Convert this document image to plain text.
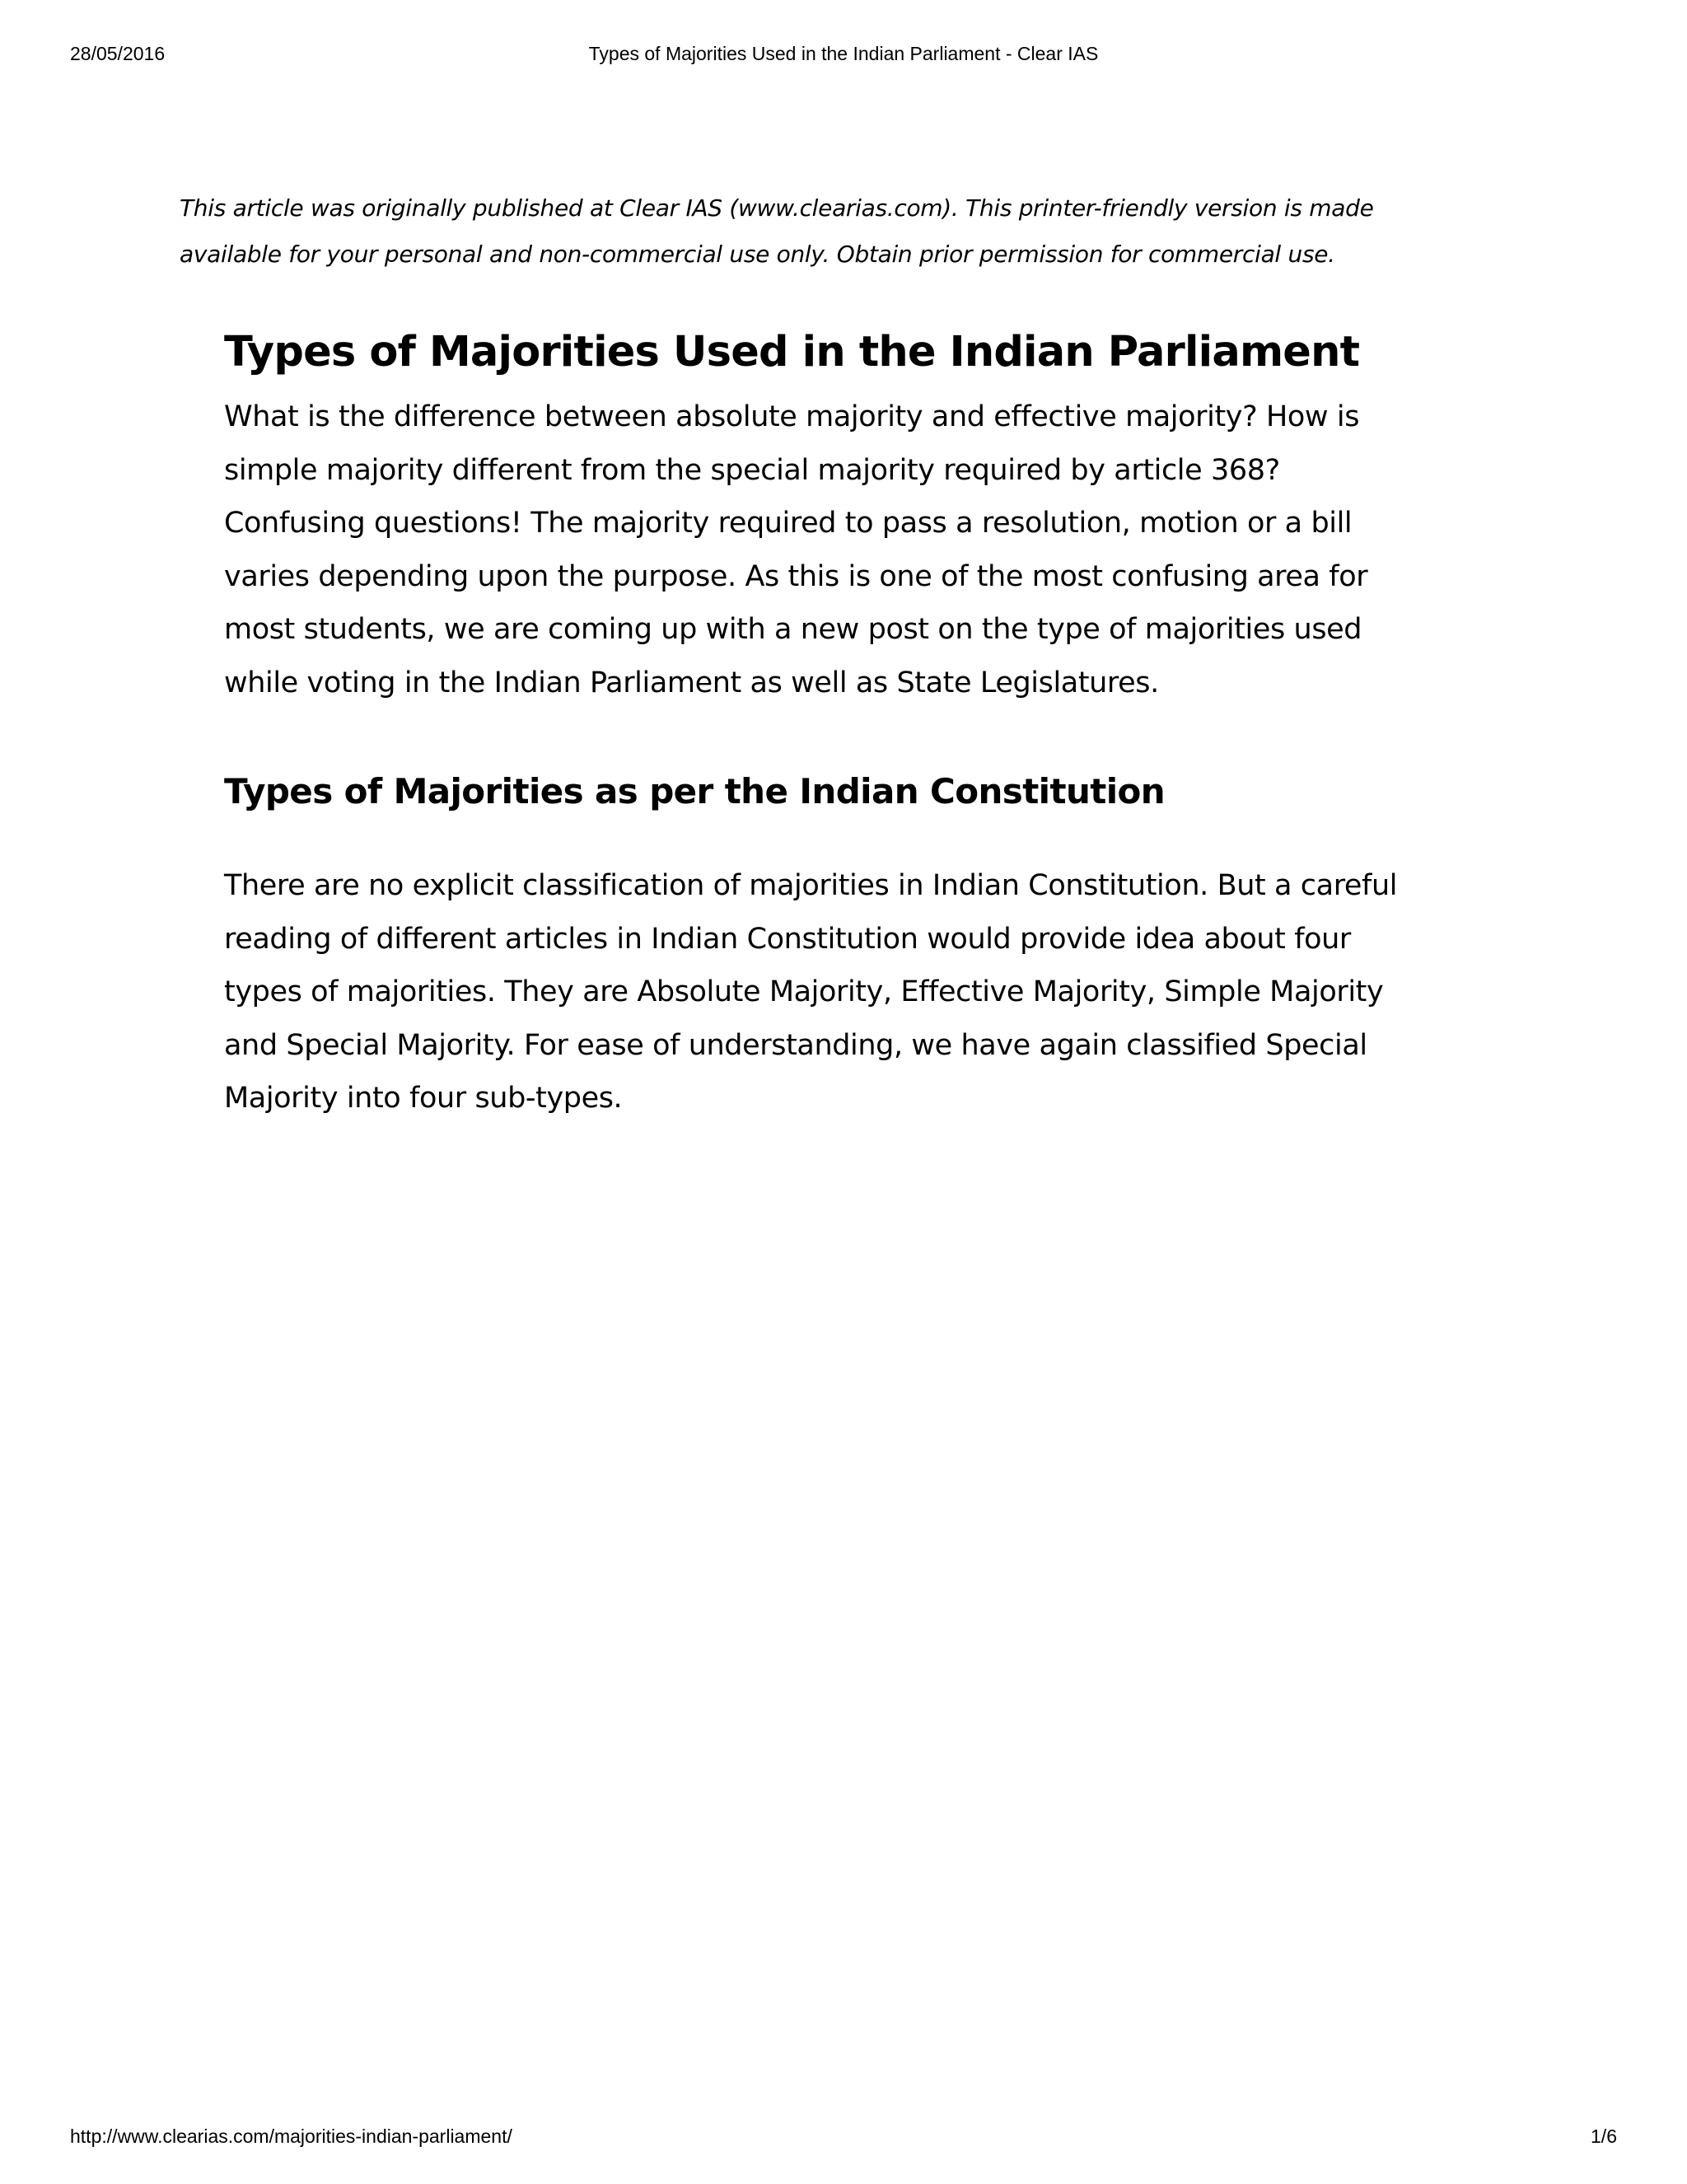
28/05/2016	Types of Majorities Used in the Indian Parliament - Clear IAS

This article was originally published at Clear IAS (www.clearias.com). This printer-friendly version is made

available for your personal and non-commercial use only. Obtain prior permission for commercial use.

Types of Majorities Used in the Indian Parliament

What is the difference between absolute majority and effective majority? How is
simple majority different from the special majority required by article 368?
Confusing questions! The majority required to pass a resolution, motion or a bill
varies depending upon the purpose. As this is one of the most confusing area for
most students, we are coming up with a new post on the type of majorities used
while voting in the Indian Parliament as well as State Legislatures.

Types of Majorities as per the Indian Constitution

There are no explicit classification of majorities in Indian Constitution. But a careful
reading of different articles in Indian Constitution would provide idea about four
types of majorities. They are Absolute Majority, Effective Majority, Simple Majority
and Special Majority. For ease of understanding, we have again classified Special
Majority into four sub-types.

http://www.clearias.com/majorities-indian-parliament/	1/6
